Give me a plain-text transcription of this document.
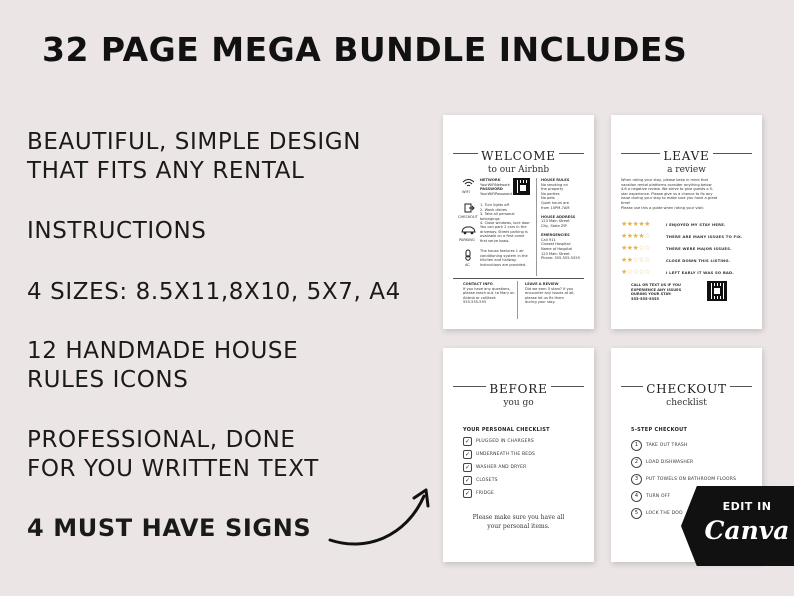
32 PAGE MEGA BUNDLE INCLUDES
BEAUTIFUL, SIMPLE DESIGN
THAT FITS ANY RENTAL
INSTRUCTIONS
4 SIZES: 8.5X11,8X10, 5X7, A4
12 HANDMADE HOUSE
RULES ICONS
PROFESSIONAL, DONE
FOR YOU WRITTEN TEXT
4 MUST HAVE SIGNS
WELCOME
to our Airbnb
WIFI
NETWORK
YourWiFiNetwork
PASSWORD
YourWiFiPassword
CHECKOUT
1. Turn lights off
2. Wash dishes
3. Take all personal belongings
4. Close windows, lock door
PARKING
You can park 2 cars in the
driveway. Street parking is
available on a first come
first serve basis.
AC
The house features 1 air
conditioning system in the
kitchen and hallway.
Instructions are provided.
HOUSE RULES
No smoking on
the property
No parties
No pets
Quiet hours are
from 10PM-7AM

HOUSE ADDRESS
123 Main Street
City, State ZIP

EMERGENCIES
Call 911
Closest Hospital:
Name of Hospital
123 Main Street
Phone: 555-555-5555
CONTACT INFO
If you have any questions,
please reach out. to Mary on
Airbnb or call/text:
555-555-555
LEAVE A REVIEW
Did we earn 5 stars? If you
encounter any issues at all,
please let us fix them
during your stay.
LEAVE
a review
When rating your stay, please keep in mind that
vacation rental platforms consider anything below
4.6 a negative review. We strive to give guests a 5-
star experience. Please give us a chance to fix any
issue during your stay to make sure you have a great
time!
Please use this a guide when rating your visit:
★★★★★	I ENJOYED MY STAY HERE.
★★★★☆	THERE ARE MANY ISSUES TO FIX.
★★★☆☆	THERE WERE MAJOR ISSUES.
★★☆☆☆	CLOSE DOWN THIS LISTING.
★☆☆☆☆	I LEFT EARLY IT WAS SO BAD.
CALL OR TEXT US IF YOU
EXPERIENCE ANY ISSUES
DURING YOUR STAY:
555-555-5555
BEFORE
you go
YOUR PERSONAL CHECKLIST
✓	PLUGGED IN CHARGERS
✓	UNDERNEATH THE BEDS
✓	WASHER AND DRYER
✓	CLOSETS
✓	FRIDGE
Please make sure you have all
your personal items.
CHECKOUT
checklist
5-STEP CHECKOUT
1	TAKE OUT TRASH
2	LOAD DISHWASHER
3	PUT TOWELS ON BATHROOM FLOORS
4	TURN OFF
5	LOCK THE DOO
EDIT IN
Canva
